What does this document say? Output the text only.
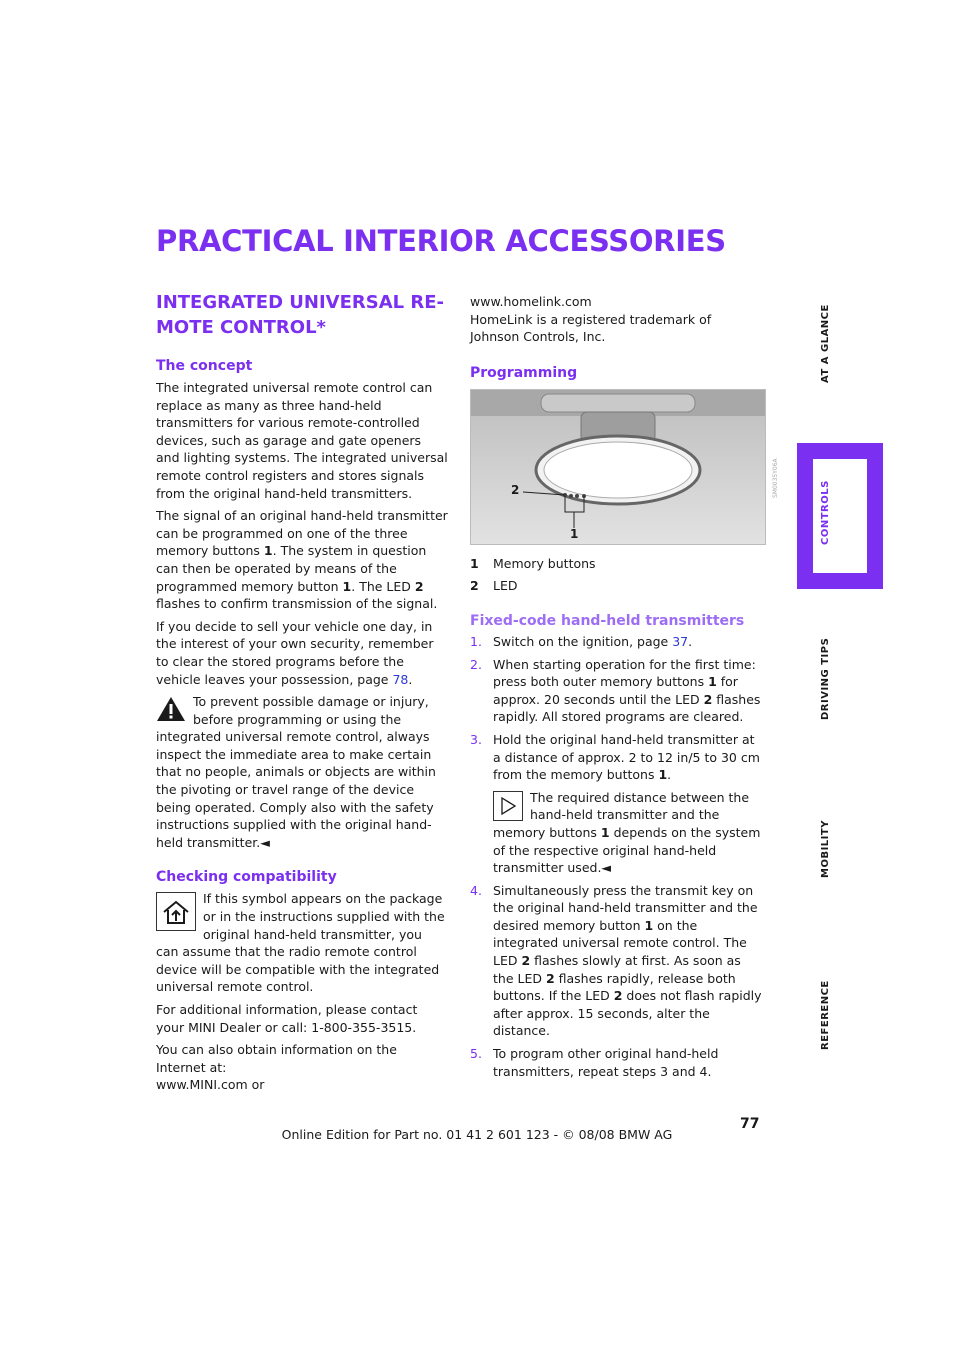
PRACTICAL INTERIOR ACCESSORIES
INTEGRATED UNIVERSAL RE-
MOTE CONTROL*
The concept

The integrated universal remote control can replace as many as three hand-held transmitters for various remote-controlled devices, such as garage and gate openers and lighting systems. The integrated universal remote control registers and stores signals from the original hand-held transmitters.

The signal of an original hand-held transmitter can be programmed on one of the three memory buttons 1. The system in question can then be operated by means of the programmed memory button 1. The LED 2 flashes to confirm transmission of the signal.

If you decide to sell your vehicle one day, in the interest of your own security, remember to clear the stored programs before the vehicle leaves your possession, page 78.

To prevent possible damage or injury, before programming or using the integrated universal remote control, always inspect the immediate area to make certain that no people, animals or objects are within the pivoting or travel range of the device being operated. Comply also with the safety instructions supplied with the original hand-held transmitter.◄

Checking compatibility

If this symbol appears on the package or in the instructions supplied with the original hand-held transmitter, you can assume that the radio remote control device will be compatible with the integrated universal remote control.

For additional information, please contact your MINI Dealer or call: 1-800-355-3515.

You can also obtain information on the Internet at:

www.MINI.com or

www.homelink.com

HomeLink is a registered trademark of Johnson Controls, Inc.

Programming
2
1
SM0035Y06A
1 Memory buttons
2 LED
Fixed-code hand-held transmitters
1. Switch on the ignition, page 37.
2. When starting operation for the first time: press both outer memory buttons 1 for approx. 20 seconds until the LED 2 flashes rapidly. All stored programs are cleared.
3. Hold the original hand-held transmitter at a distance of approx. 2 to 12 in/5 to 30 cm from the memory buttons 1.
The required distance between the hand-held transmitter and the memory buttons 1 depends on the system of the respective original hand-held transmitter used.◄
4. Simultaneously press the transmit key on the original hand-held transmitter and the desired memory button 1 on the integrated universal remote control. The LED 2 flashes slowly at first. As soon as the LED 2 flashes rapidly, release both buttons. If the LED 2 does not flash rapidly after approx. 15 seconds, alter the distance.
5. To program other original hand-held transmitters, repeat steps 3 and 4.
AT A GLANCE
CONTROLS
DRIVING TIPS
MOBILITY
REFERENCE
77
Online Edition for Part no. 01 41 2 601 123 - © 08/08 BMW AG
